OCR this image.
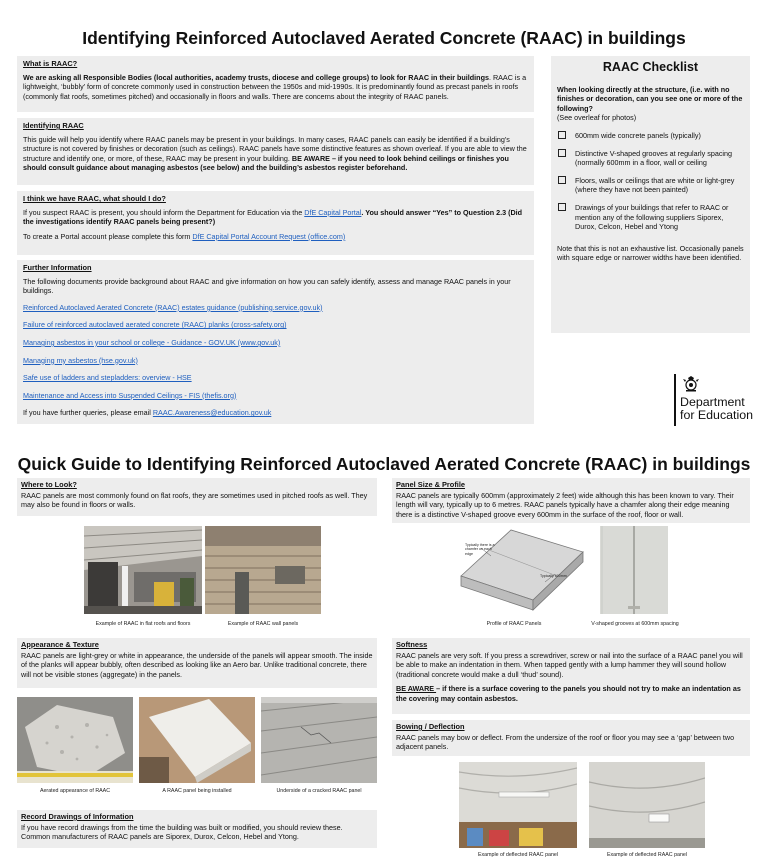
Identifying Reinforced Autoclaved Aerated Concrete (RAAC) in buildings
What is RAAC?

We are asking all Responsible Bodies (local authorities, academy trusts, diocese and college groups) to look for RAAC in their buildings. RAAC is a lightweight, ‘bubbly’ form of concrete commonly used in construction between the 1950s and mid-1990s. It is predominantly found as precast panels in roofs (commonly flat roofs, sometimes pitched) and occasionally in floors and walls. There are concerns about the integrity of RAAC panels.

Identifying RAAC

This guide will help you identify where RAAC panels may be present in your buildings. In many cases, RAAC panels can easily be identified if a building’s structure is not covered by finishes or decoration (such as ceilings). RAAC panels have some distinctive features as shown overleaf. If you are able to view the structure and identify one, or more, of these, RAAC may be present in your building. BE AWARE – if you need to look behind ceilings or finishes you should consult guidance about managing asbestos (see below) and the building’s asbestos register beforehand.

I think we have RAAC, what should I do?

If you suspect RAAC is present, you should inform the Department for Education via the DfE Capital Portal. You should answer “Yes” to Question 2.3 (Did the investigations identify RAAC panels being present?)

To create a Portal account please complete this form DfE Capital Portal Account Request (office.com)

Further Information

The following documents provide background about RAAC and give information on how you can safely identify, assess and manage RAAC panels in your buildings.

Reinforced Autoclaved Aerated Concrete (RAAC) estates guidance (publishing.service.gov.uk)

Failure of reinforced autoclaved aerated concrete (RAAC) planks (cross-safety.org)

Managing asbestos in your school or college - Guidance - GOV.UK (www.gov.uk)

Managing my asbestos (hse.gov.uk)

Safe use of ladders and stepladders: overview - HSE

Maintenance and Access into Suspended Ceilings - FIS (thefis.org)

If you have further queries, please email RAAC.Awareness@education.gov.uk

RAAC Checklist
When looking directly at the structure, (i.e. with no finishes or decoration, can you see one or more of the following?
(See overleaf for photos)
600mm wide concrete panels (typically)
Distinctive V-shaped grooves at regularly spacing (normally 600mm in a floor, wall or ceiling
Floors, walls or ceilings that are white or light-grey (where they have not been painted)
Drawings of your buildings that refer to RAAC or mention any of the following suppliers Siporex, Durox, Celcon, Hebel and Ytong
Note that this is not an exhaustive list. Occasionally panels with square edge or narrower widths have been identified.
Department
for Education
Quick Guide to Identifying Reinforced Autoclaved Aerated Concrete (RAAC) in buildings
Where to Look?
RAAC panels are most commonly found on flat roofs, they are sometimes used in pitched roofs as well. They may also be found in floors or walls.
Panel Size & Profile
RAAC panels are typically 600mm (approximately 2 feet) wide although this has been known to vary. Their length will vary, typically up to 6 metres. RAAC panels typically have a chamfer along their edge meaning there is a distinctive V-shaped groove every 600mm in the surface of the roof, floor or wall.
Example of RAAC in flat roofs and floors	Example of RAAC wall panels
Typically there is a chamfer on each edge
Typically 600mm
Profile of RAAC Panels	V-shaped grooves at 600mm spacing
Appearance & Texture
RAAC panels are light-grey or white in appearance, the underside of the panels will appear smooth. The inside of the planks will appear bubbly, often described as looking like an Aero bar. Unlike traditional concrete, there will not be visible stones (aggregate) in the panels.
Softness
RAAC panels are very soft. If you press a screwdriver, screw or nail into the surface of a RAAC panel you will be able to make an indentation in them. When tapped gently with a lump hammer they will sound hollow (traditional concrete would make a dull ‘thud’ sound).
BE AWARE – if there is a surface covering to the panels you should not try to make an indentation as the covering may contain asbestos.
Aerated appearance of RAAC	A RAAC panel being installed	Underside of a cracked RAAC panel
Bowing / Deflection
RAAC panels may bow or deflect. From the undersize of the roof or floor you may see a ‘gap’ between two adjacent panels.
Record Drawings of Information
If you have record drawings from the time the building was built or modified, you should review these. Common manufacturers of RAAC panels are Siporex, Durox, Celcon, Hebel and Ytong.
Example of deflected RAAC panel	Example of deflected RAAC panel
